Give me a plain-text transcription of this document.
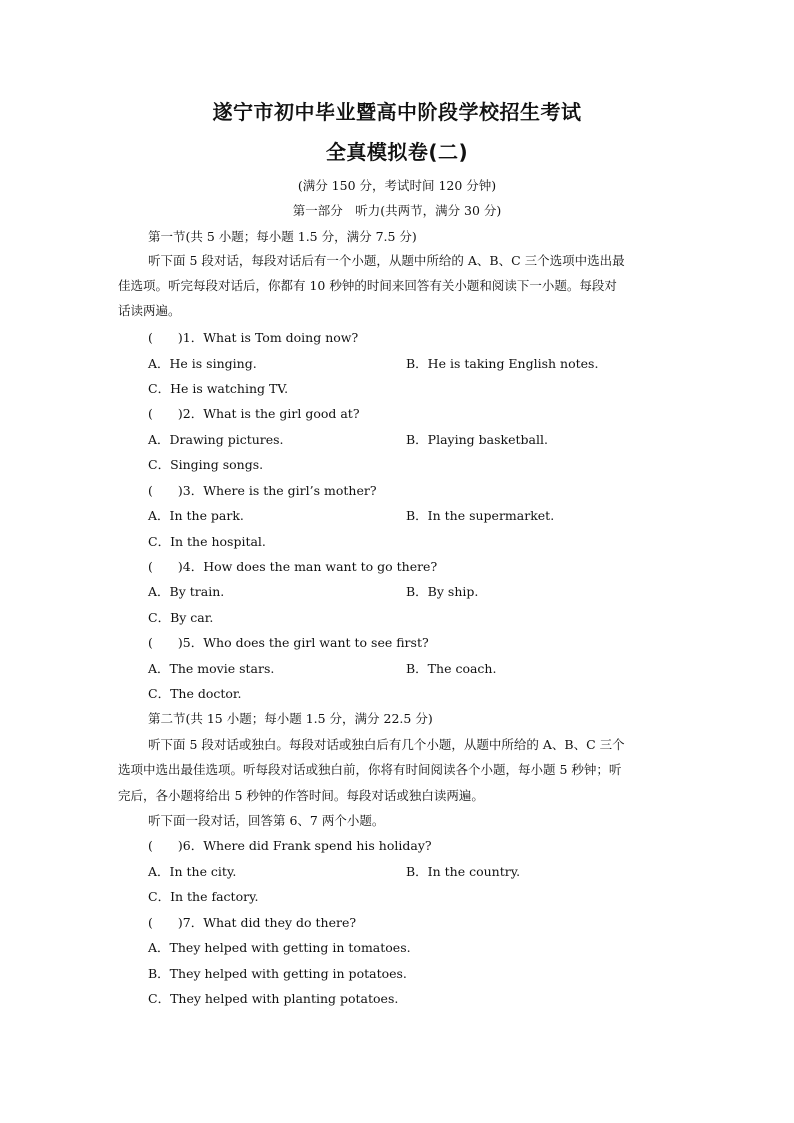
遂宁市初中毕业暨高中阶段学校招生考试
全真模拟卷(二)
(满分 150 分，考试时间 120 分钟)
第一部分　听力(共两节，满分 30 分)
第一节(共 5 小题；每小题 1.5 分，满分 7.5 分)
听下面 5 段对话，每段对话后有一个小题，从题中所给的 A、B、C 三个选项中选出最
佳选项。听完每段对话后，你都有 10 秒钟的时间来回答有关小题和阅读下一小题。每段对
话读两遍。
(　　)1．What is Tom doing now?
A．He is singing.	B．He is taking English notes.
C．He is watching TV.
(　　)2．What is the girl good at?
A．Drawing pictures.	B．Playing basketball.
C．Singing songs.
(　　)3．Where is the girl’s mother?
A．In the park.	B．In the supermarket.
C．In the hospital.
(　　)4．How does the man want to go there?
A．By train.	B．By ship.
C．By car.
(　　)5．Who does the girl want to see first?
A．The movie stars.	B．The coach.
C．The doctor.
第二节(共 15 小题；每小题 1.5 分，满分 22.5 分)
听下面 5 段对话或独白。每段对话或独白后有几个小题，从题中所给的 A、B、C 三个
选项中选出最佳选项。听每段对话或独白前，你将有时间阅读各个小题，每小题 5 秒钟；听
完后，各小题将给出 5 秒钟的作答时间。每段对话或独白读两遍。
听下面一段对话，回答第 6、7 两个小题。
(　　)6．Where did Frank spend his holiday?
A．In the city.	B．In the country.
C．In the factory.
(　　)7．What did they do there?
A．They helped with getting in tomatoes.
B．They helped with getting in potatoes.
C．They helped with planting potatoes.
